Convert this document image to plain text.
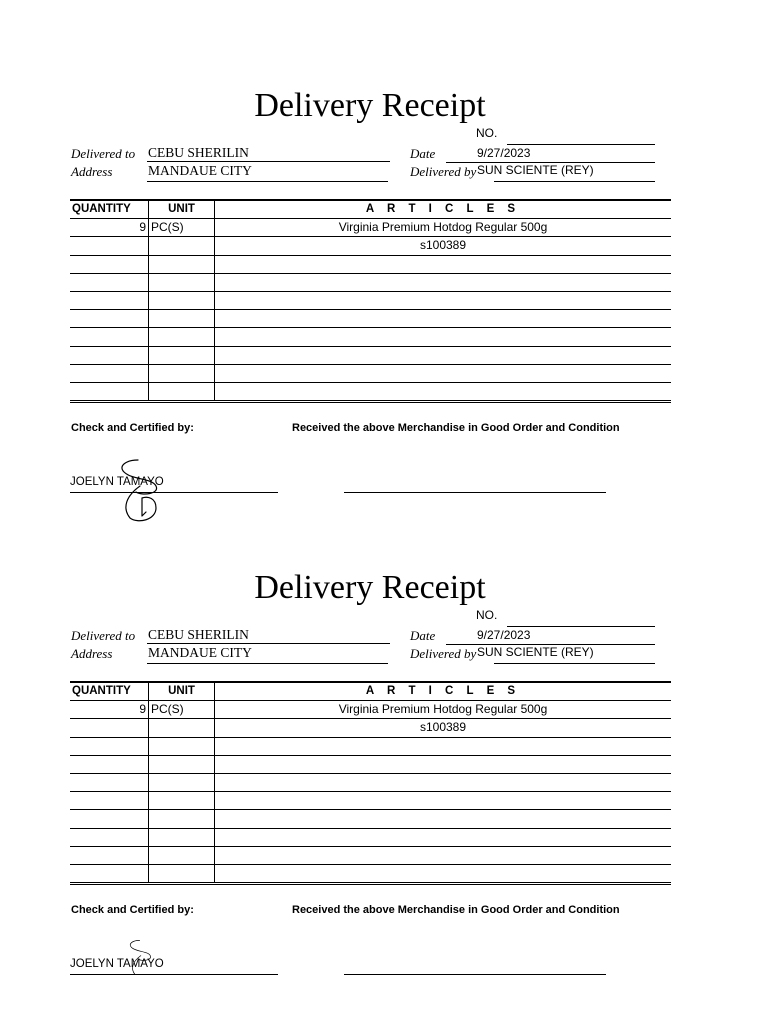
Delivery Receipt
NO.
Delivered to CEBU SHERILIN
Address	MANDAUE CITY
Date	9/27/2023
Delivered by SUN SCIENTE (REY)
QUANTITY	UNIT	A R T I C L E S
9	PC(S)	Virginia Premium Hotdog Regular 500g
		s100389

Check and Certified by:	Received the above Merchandise in Good Order and Condition
JOELYN TAMAYO
Delivery Receipt
NO.
Delivered to CEBU SHERILIN
Address	MANDAUE CITY
Date	9/27/2023
Delivered by SUN SCIENTE (REY)
QUANTITY	UNIT	A R T I C L E S
9	PC(S)	Virginia Premium Hotdog Regular 500g
		s100389

Check and Certified by:	Received the above Merchandise in Good Order and Condition
JOELYN TAMAYO
